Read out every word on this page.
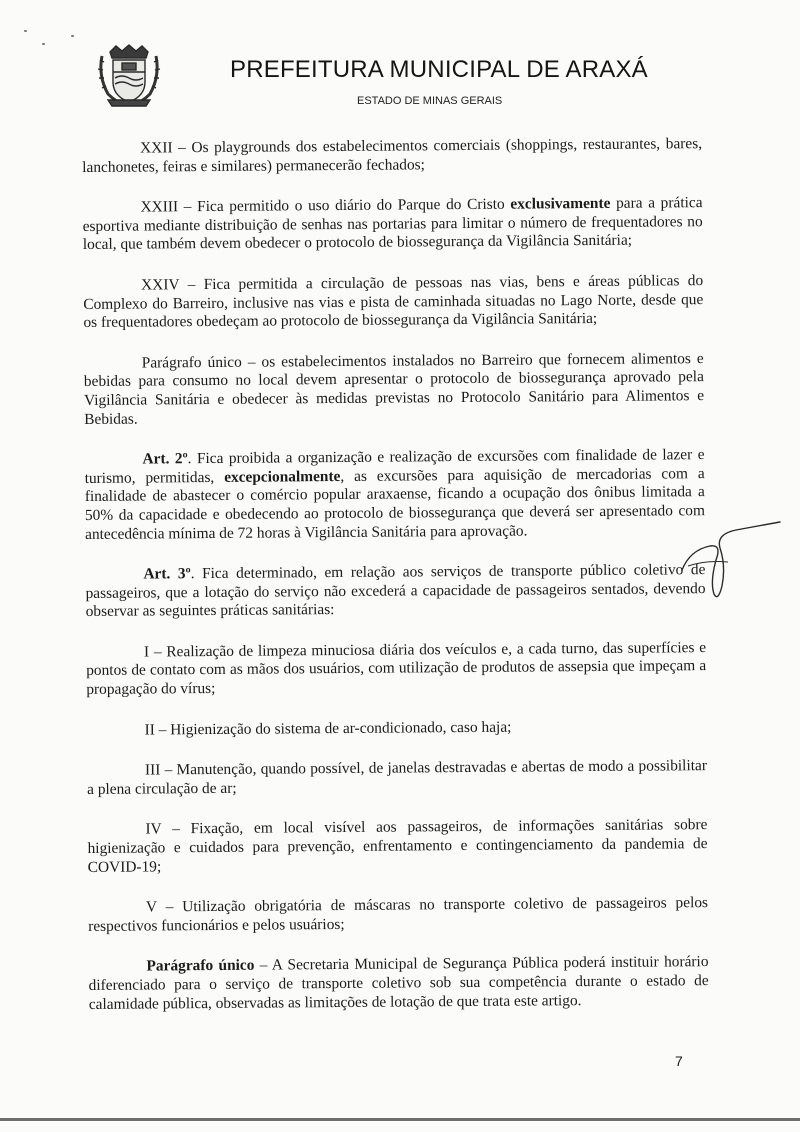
PREFEITURA MUNICIPAL DE ARAXÁ
ESTADO DE MINAS GERAIS

XXII – Os playgrounds dos estabelecimentos comerciais (shoppings, restaurantes, bares, lanchonetes, feiras e similares) permanecerão fechados;

XXIII – Fica permitido o uso diário do Parque do Cristo exclusivamente para a prática esportiva mediante distribuição de senhas nas portarias para limitar o número de frequentadores no local, que também devem obedecer o protocolo de biossegurança da Vigilância Sanitária;

XXIV – Fica permitida a circulação de pessoas nas vias, bens e áreas públicas do Complexo do Barreiro, inclusive nas vias e pista de caminhada situadas no Lago Norte, desde que os frequentadores obedeçam ao protocolo de biossegurança da Vigilância Sanitária;

Parágrafo único – os estabelecimentos instalados no Barreiro que fornecem alimentos e bebidas para consumo no local devem apresentar o protocolo de biossegurança aprovado pela Vigilância Sanitária e obedecer às medidas previstas no Protocolo Sanitário para Alimentos e Bebidas.

Art. 2º. Fica proibida a organização e realização de excursões com finalidade de lazer e turismo, permitidas, excepcionalmente, as excursões para aquisição de mercadorias com a finalidade de abastecer o comércio popular araxaense, ficando a ocupação dos ônibus limitada a 50% da capacidade e obedecendo ao protocolo de biossegurança que deverá ser apresentado com antecedência mínima de 72 horas à Vigilância Sanitária para aprovação.

Art. 3º. Fica determinado, em relação aos serviços de transporte público coletivo de passageiros, que a lotação do serviço não excederá a capacidade de passageiros sentados, devendo observar as seguintes práticas sanitárias:

I – Realização de limpeza minuciosa diária dos veículos e, a cada turno, das superfícies e pontos de contato com as mãos dos usuários, com utilização de produtos de assepsia que impeçam a propagação do vírus;

II – Higienização do sistema de ar-condicionado, caso haja;

III – Manutenção, quando possível, de janelas destravadas e abertas de modo a possibilitar a plena circulação de ar;

IV – Fixação, em local visível aos passageiros, de informações sanitárias sobre higienização e cuidados para prevenção, enfrentamento e contingenciamento da pandemia de COVID-19;

V – Utilização obrigatória de máscaras no transporte coletivo de passageiros pelos respectivos funcionários e pelos usuários;

Parágrafo único – A Secretaria Municipal de Segurança Pública poderá instituir horário diferenciado para o serviço de transporte coletivo sob sua competência durante o estado de calamidade pública, observadas as limitações de lotação de que trata este artigo.

7
